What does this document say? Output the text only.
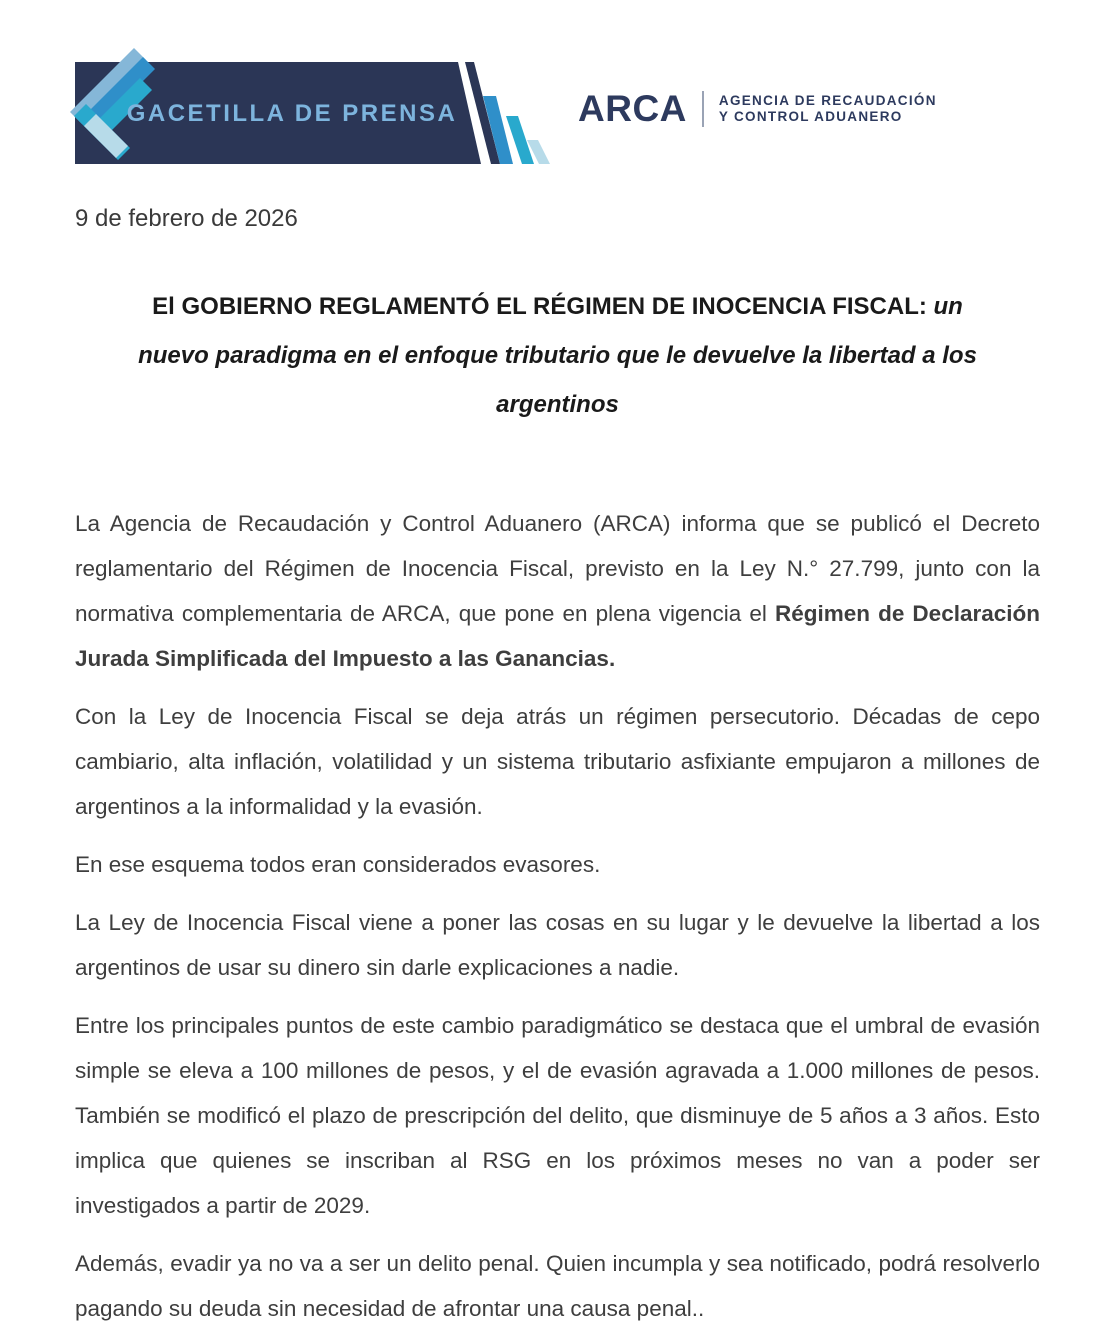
GACETILLA DE PRENSA	ARCA AGENCIA DE RECAUDACIÓN
Y CONTROL ADUANERO
9 de febrero de 2026
El GOBIERNO REGLAMENTÓ EL RÉGIMEN DE INOCENCIA FISCAL: un
nuevo paradigma en el enfoque tributario que le devuelve la libertad a los
argentinos

La Agencia de Recaudación y Control Aduanero (ARCA) informa que se publicó el Decreto reglamentario del Régimen de Inocencia Fiscal, previsto en la Ley N.° 27.799, junto con la normativa complementaria de ARCA, que pone en plena vigencia el Régimen de Declaración Jurada Simplificada del Impuesto a las Ganancias.

Con la Ley de Inocencia Fiscal se deja atrás un régimen persecutorio. Décadas de cepo cambiario, alta inflación, volatilidad y un sistema tributario asfixiante empujaron a millones de argentinos a la informalidad y la evasión.

En ese esquema todos eran considerados evasores.

La Ley de Inocencia Fiscal viene a poner las cosas en su lugar y le devuelve la libertad a los argentinos de usar su dinero sin darle explicaciones a nadie.

Entre los principales puntos de este cambio paradigmático se destaca que el umbral de evasión simple se eleva a 100 millones de pesos, y el de evasión agravada a 1.000 millones de pesos. También se modificó el plazo de prescripción del delito, que disminuye de 5 años a 3 años. Esto implica que quienes se inscriban al RSG en los próximos meses no van a poder ser investigados a partir de 2029.

Además, evadir ya no va a ser un delito penal. Quien incumpla y sea notificado, podrá resolverlo pagando su deuda sin necesidad de afrontar una causa penal..
